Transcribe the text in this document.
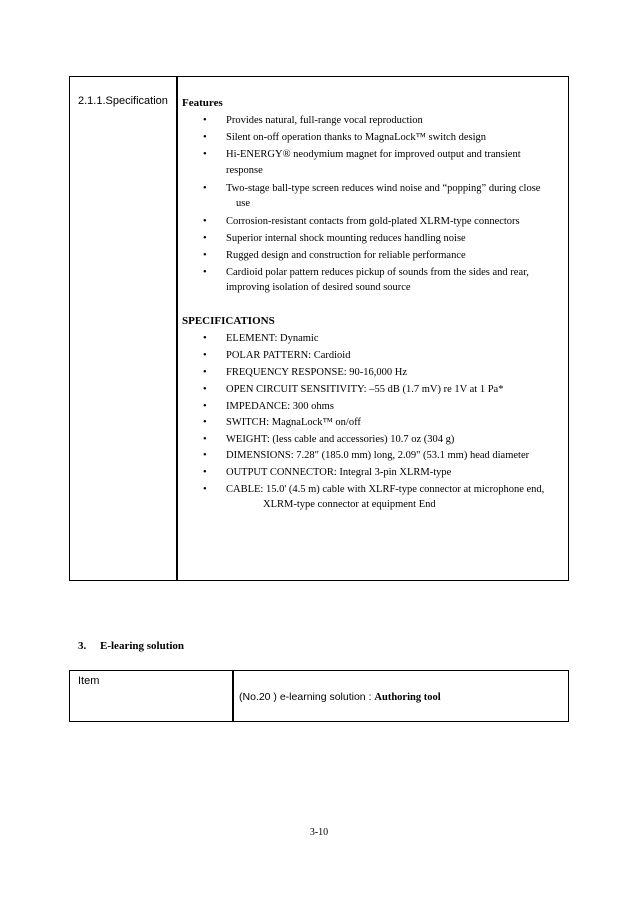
2.1.1.Specification Features
• Provides natural, full-range vocal reproduction
• Silent on-off operation thanks to MagnaLock™ switch design
• Hi-ENERGY® neodymium magnet for improved output and transient
response
• Two-stage ball-type screen reduces wind noise and “popping” during close
use
• Corrosion-resistant contacts from gold-plated XLRM-type connectors
• Superior internal shock mounting reduces handling noise
• Rugged design and construction for reliable performance
• Cardioid polar pattern reduces pickup of sounds from the sides and rear,
improving isolation of desired sound source
SPECIFICATIONS
• ELEMENT: Dynamic
• POLAR PATTERN: Cardioid
• FREQUENCY RESPONSE: 90-16,000 Hz
• OPEN CIRCUIT SENSITIVITY: –55 dB (1.7 mV) re 1V at 1 Pa*
• IMPEDANCE: 300 ohms
• SWITCH: MagnaLock™ on/off
• WEIGHT: (less cable and accessories) 10.7 oz (304 g)
• DIMENSIONS: 7.28" (185.0 mm) long, 2.09" (53.1 mm) head diameter
• OUTPUT CONNECTOR: Integral 3-pin XLRM-type
• CABLE: 15.0' (4.5 m) cable with XLRF-type connector at microphone end,
XLRM-type connector at equipment End
3. E-learing solution
Item
(No.20 ) e-learning solution : Authoring tool
3-10
